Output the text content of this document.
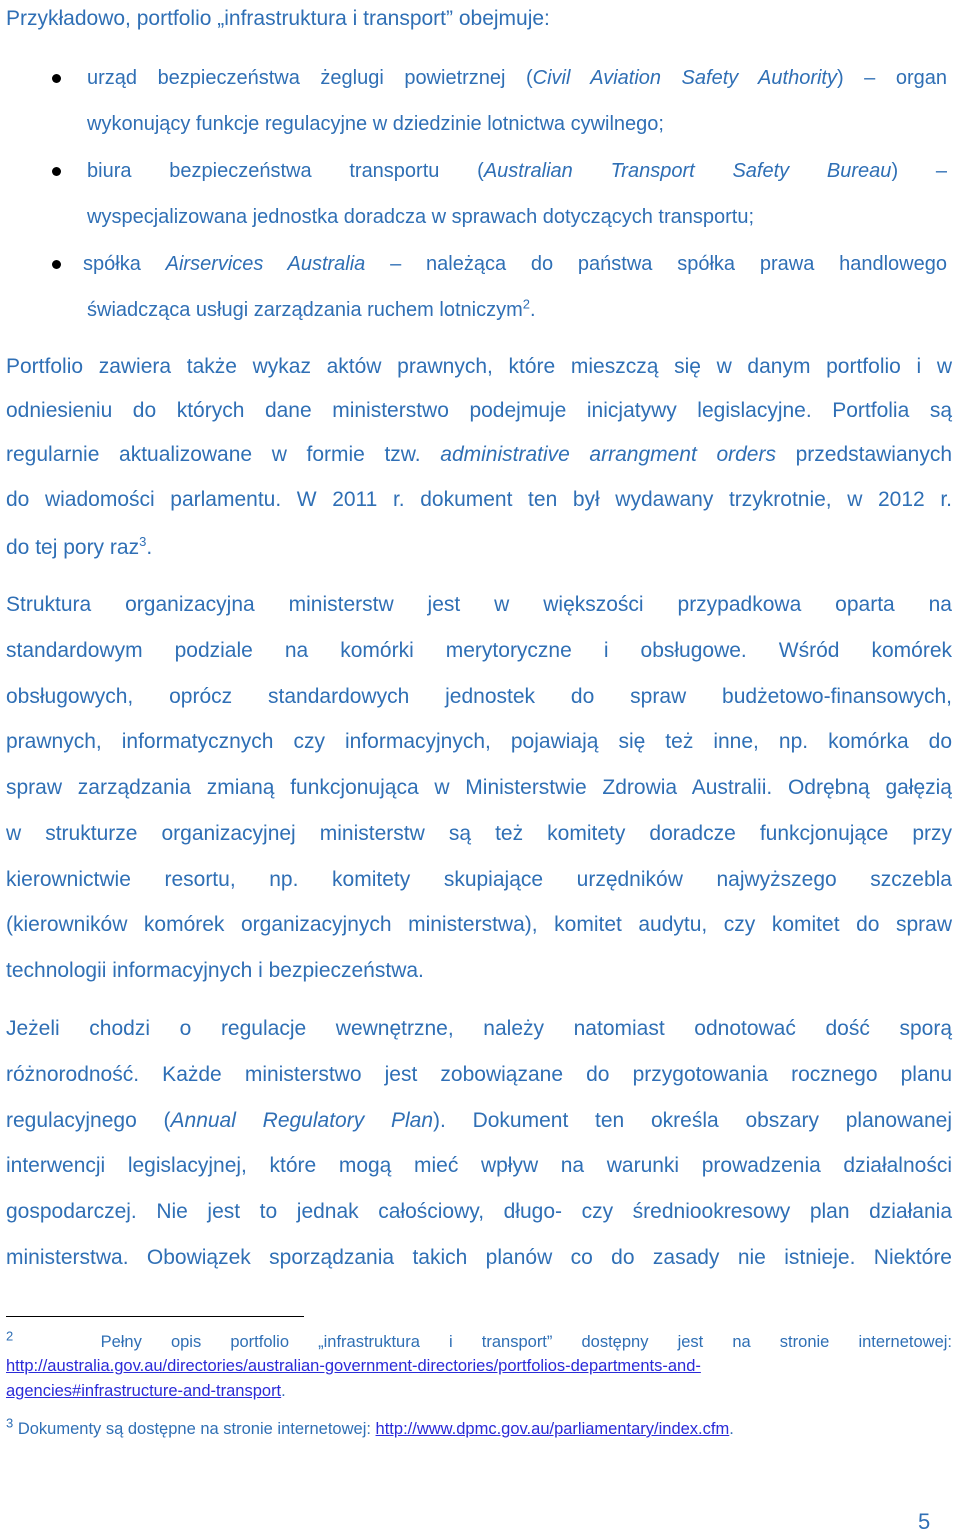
Przykładowo, portfolio „infrastruktura i transport” obejmuje:
urząd bezpieczeństwa żeglugi powietrznej (Civil Aviation Safety Authority) – organ
wykonujący funkcje regulacyjne w dziedzinie lotnictwa cywilnego;
biura bezpieczeństwa transportu (Australian Transport Safety Bureau) –
wyspecjalizowana jednostka doradcza w sprawach dotyczących transportu;
spółka Airservices Australia – należąca do państwa spółka prawa handlowego
świadcząca usługi zarządzania ruchem lotniczym$^2$.
Portfolio zawiera także wykaz aktów prawnych, które mieszczą się w danym portfolio i w
odniesieniu do których dane ministerstwo podejmuje inicjatywy legislacyjne. Portfolia są
regularnie aktualizowane w formie tzw. administrative arrangment orders przedstawianych
do wiadomości parlamentu. W 2011 r. dokument ten był wydawany trzykrotnie, w 2012 r.
do tej pory raz$^3$.
Struktura organizacyjna ministerstw jest w większości przypadkowa oparta na
standardowym podziale na komórki merytoryczne i obsługowe. Wśród komórek
obsługowych, oprócz standardowych jednostek do spraw budżetowo-finansowych,
prawnych, informatycznych czy informacyjnych, pojawiają się też inne, np. komórka do
spraw zarządzania zmianą funkcjonująca w Ministerstwie Zdrowia Australii. Odrębną gałęzią
w strukturze organizacyjnej ministerstw są też komitety doradcze funkcjonujące przy
kierownictwie resortu, np. komitety skupiające urzędników najwyższego szczebla
(kierowników komórek organizacyjnych ministerstwa), komitet audytu, czy komitet do spraw
technologii informacyjnych i bezpieczeństwa.
Jeżeli chodzi o regulacje wewnętrzne, należy natomiast odnotować dość sporą
różnorodność. Każde ministerstwo jest zobowiązane do przygotowania rocznego planu
regulacyjnego (Annual Regulatory Plan). Dokument ten określa obszary planowanej
interwencji legislacyjnej, które mogą mieć wpływ na warunki prowadzenia działalności
gospodarczej. Nie jest to jednak całościowy, długo- czy średniookresowy plan działania
ministerstwa. Obowiązek sporządzania takich planów co do zasady nie istnieje. Niektóre
$^2$	Pełny opis portfolio „infrastruktura i transport” dostępny jest na stronie internetowej:
http://australia.gov.au/directories/australian-government-directories/portfolios-departments-and-
agencies#infrastructure-and-transport.
$^3$ Dokumenty są dostępne na stronie internetowej: http://www.dpmc.gov.au/parliamentary/index.cfm.
5
